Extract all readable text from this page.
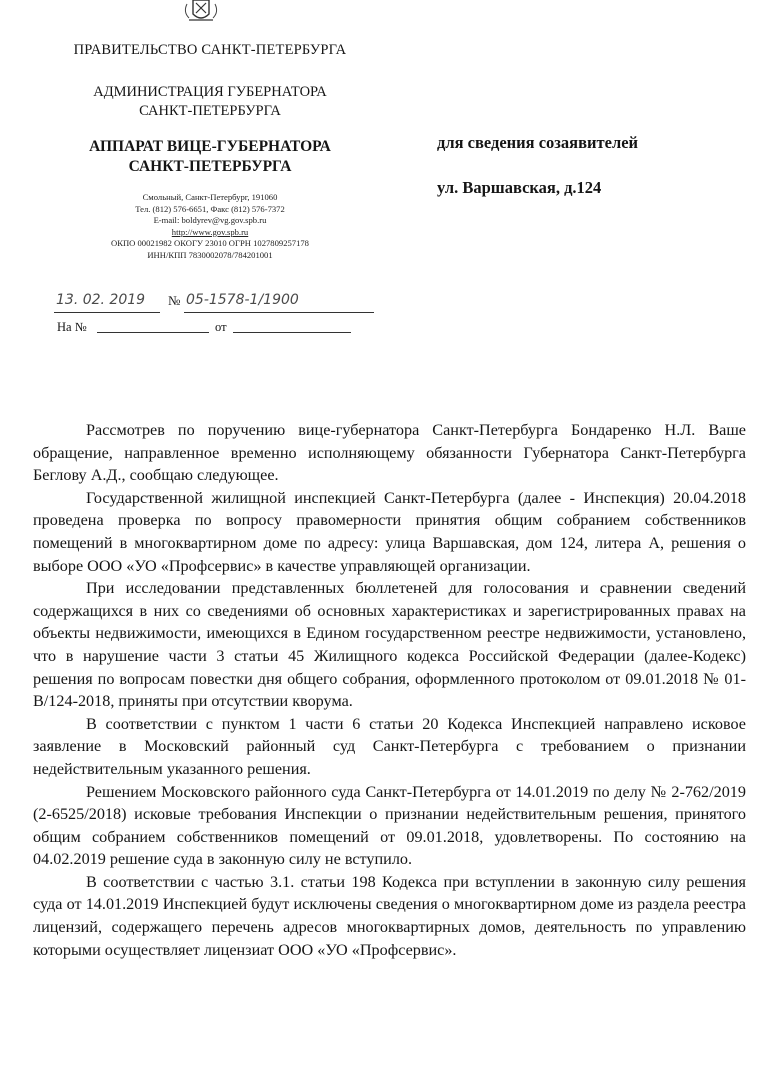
ПРАВИТЕЛЬСТВО САНКТ-ПЕТЕРБУРГА
АДМИНИСТРАЦИЯ ГУБЕРНАТОРА
САНКТ-ПЕТЕРБУРГА
АППАРАТ ВИЦЕ-ГУБЕРНАТОРА
САНКТ-ПЕТЕРБУРГА
Смольный, Санкт-Петербург, 191060
Тел. (812) 576-6651, Факс (812) 576-7372
E-mail: boldyrev@vg.gov.spb.ru
http://www.gov.spb.ru
ОКПО 00021982 ОКОГУ 23010 ОГРН 1027809257178
ИНН/КПП 7830002078/784201001
для сведения созаявителей
ул. Варшавская, д.124
13. 02. 2019 № 05-1578-1/1900
На №	от

Рассмотрев по поручению вице-губернатора Санкт-Петербурга Бондаренко Н.Л. Ваше обращение, направленное временно исполняющему обязанности Губернатора Санкт-Петербурга Беглову А.Д., сообщаю следующее.

Государственной жилищной инспекцией Санкт-Петербурга (далее - Инспекция) 20.04.2018 проведена проверка по вопросу правомерности принятия общим собранием собственников помещений в многоквартирном доме по адресу: улица Варшавская, дом 124, литера А, решения о выборе ООО «УО «Профсервис» в качестве управляющей организации.

При исследовании представленных бюллетеней для голосования и сравнении сведений содержащихся в них со сведениями об основных характеристиках и зарегистрированных правах на объекты недвижимости, имеющихся в Едином государственном реестре недвижимости, установлено, что в нарушение части 3 статьи 45 Жилищного кодекса Российской Федерации (далее-Кодекс) решения по вопросам повестки дня общего собрания, оформленного протоколом от 09.01.2018 № 01-В/124-2018, приняты при отсутствии кворума.

В соответствии с пунктом 1 части 6 статьи 20 Кодекса Инспекцией направлено исковое заявление в Московский районный суд Санкт-Петербурга с требованием о признании недействительным указанного решения.

Решением Московского районного суда Санкт-Петербурга от 14.01.2019 по делу № 2-762/2019 (2-6525/2018) исковые требования Инспекции о признании недействительным решения, принятого общим собранием собственников помещений от 09.01.2018, удовлетворены. По состоянию на 04.02.2019 решение суда в законную силу не вступило.

В соответствии с частью 3.1. статьи 198 Кодекса при вступлении в законную силу решения суда от 14.01.2019 Инспекцией будут исключены сведения о многоквартирном доме из раздела реестра лицензий, содержащего перечень адресов многоквартирных домов, деятельность по управлению которыми осуществляет лицензиат ООО «УО «Профсервис».
